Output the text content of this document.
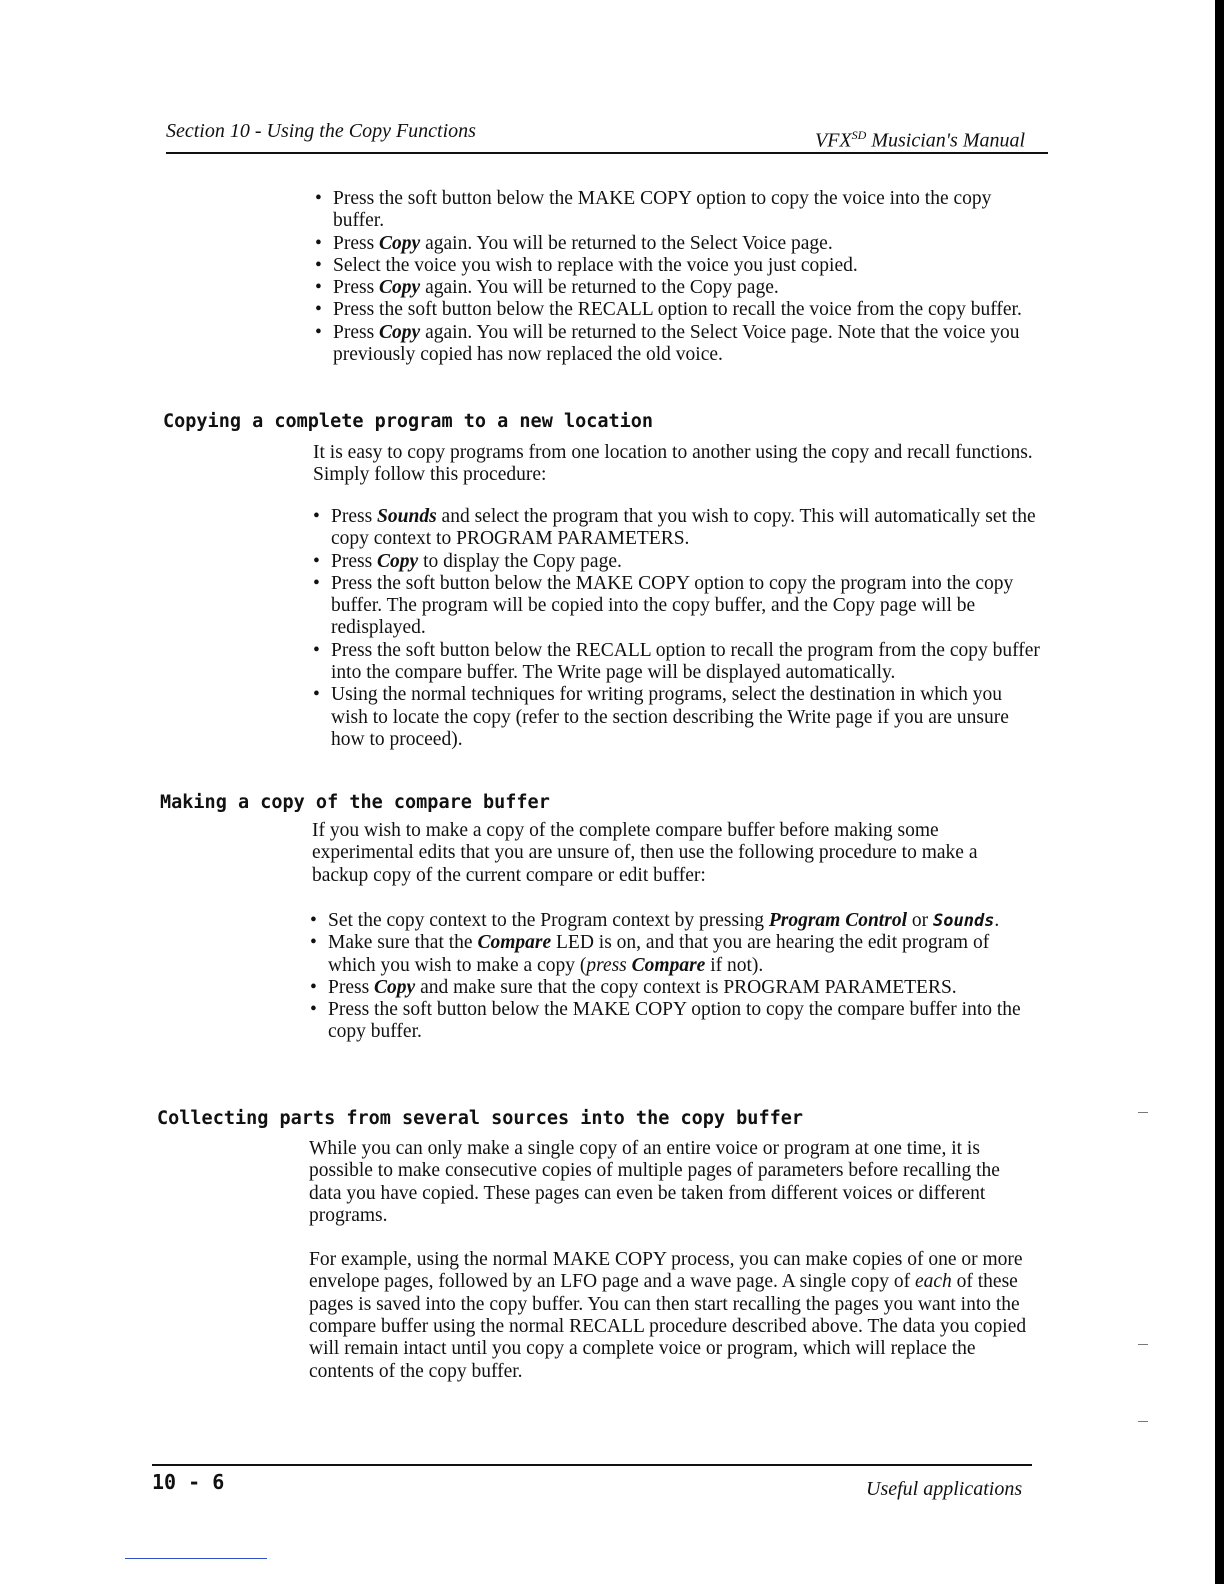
Section 10 - Using the Copy Functions	$VFX^{SD}$ Musician's Manual
• Press the soft button below the MAKE COPY option to copy the voice into the copy buffer.
• Press Copy again. You will be returned to the Select Voice page.
• Select the voice you wish to replace with the voice you just copied.
• Press Copy again. You will be returned to the Copy page.
• Press the soft button below the RECALL option to recall the voice from the copy buffer.
• Press Copy again. You will be returned to the Select Voice page. Note that the voice you previously copied has now replaced the old voice.
Copying a complete program to a new location

It is easy to copy programs from one location to another using the copy and recall functions. Simply follow this procedure:

• Press Sounds and select the program that you wish to copy. This will automatically set the copy context to PROGRAM PARAMETERS.
• Press Copy to display the Copy page.
• Press the soft button below the MAKE COPY option to copy the program into the copy buffer. The program will be copied into the copy buffer, and the Copy page will be redisplayed.
• Press the soft button below the RECALL option to recall the program from the copy buffer into the compare buffer. The Write page will be displayed automatically.
• Using the normal techniques for writing programs, select the destination in which you wish to locate the copy (refer to the section describing the Write page if you are unsure how to proceed).
Making a copy of the compare buffer

If you wish to make a copy of the complete compare buffer before making some experimental edits that you are unsure of, then use the following procedure to make a backup copy of the current compare or edit buffer:

• Set the copy context to the Program context by pressing Program Control or Sounds.
• Make sure that the Compare LED is on, and that you are hearing the edit program of which you wish to make a copy (press Compare if not).
• Press Copy and make sure that the copy context is PROGRAM PARAMETERS.
• Press the soft button below the MAKE COPY option to copy the compare buffer into the copy buffer.
Collecting parts from several sources into the copy buffer

While you can only make a single copy of an entire voice or program at one time, it is possible to make consecutive copies of multiple pages of parameters before recalling the data you have copied. These pages can even be taken from different voices or different programs.

For example, using the normal MAKE COPY process, you can make copies of one or more envelope pages, followed by an LFO page and a wave page. A single copy of each of these pages is saved into the copy buffer. You can then start recalling the pages you want into the compare buffer using the normal RECALL procedure described above. The data you copied will remain intact until you copy a complete voice or program, which will replace the contents of the copy buffer.

10 - 6	Useful applications
